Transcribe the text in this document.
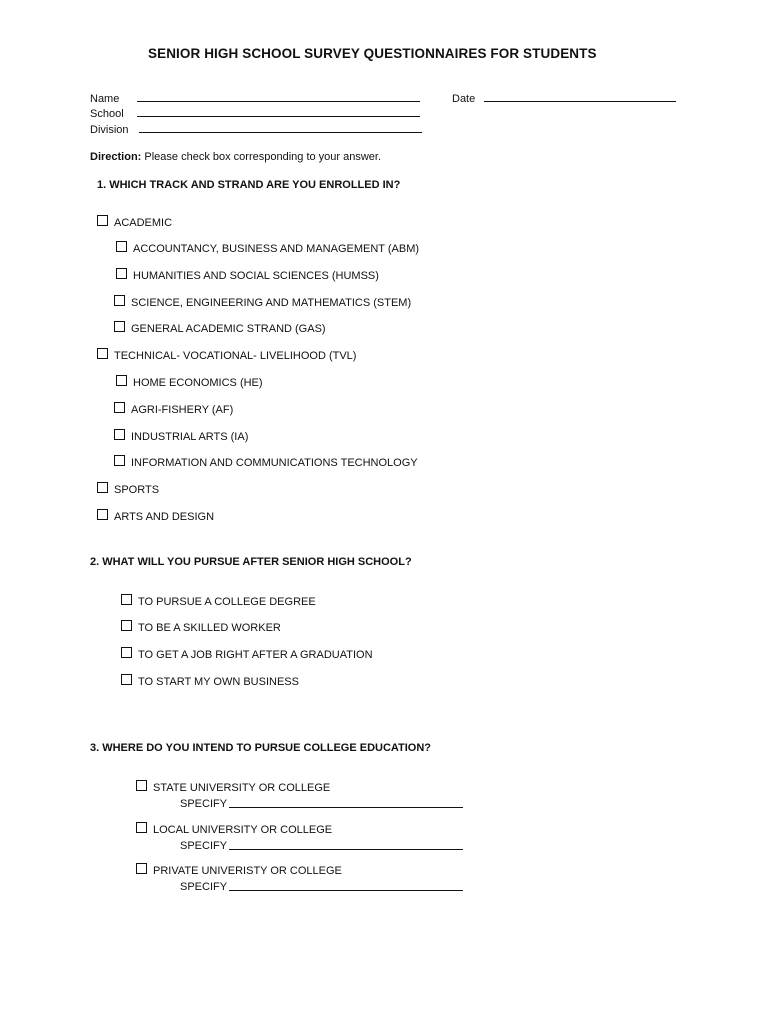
SENIOR HIGH SCHOOL SURVEY QUESTIONNAIRES FOR STUDENTS
Name	Date
School
Division
Direction: Please check box corresponding to your answer.
1. WHICH TRACK AND STRAND ARE YOU ENROLLED IN?
ACADEMIC
ACCOUNTANCY, BUSINESS AND MANAGEMENT (ABM)
HUMANITIES AND SOCIAL SCIENCES (HUMSS)
SCIENCE, ENGINEERING AND MATHEMATICS (STEM)
GENERAL ACADEMIC STRAND (GAS)
TECHNICAL- VOCATIONAL- LIVELIHOOD (TVL)
HOME ECONOMICS (HE)
AGRI-FISHERY (AF)
INDUSTRIAL ARTS (IA)
INFORMATION AND COMMUNICATIONS TECHNOLOGY
SPORTS
ARTS AND DESIGN
2. WHAT WILL YOU PURSUE AFTER SENIOR HIGH SCHOOL?
TO PURSUE A COLLEGE DEGREE
TO BE A SKILLED WORKER
TO GET A JOB RIGHT AFTER A GRADUATION
TO START MY OWN BUSINESS
3. WHERE DO YOU INTEND TO PURSUE COLLEGE EDUCATION?
STATE UNIVERSITY OR COLLEGE
SPECIFY
LOCAL UNIVERSITY OR COLLEGE
SPECIFY
PRIVATE UNIVERISTY OR COLLEGE
SPECIFY
